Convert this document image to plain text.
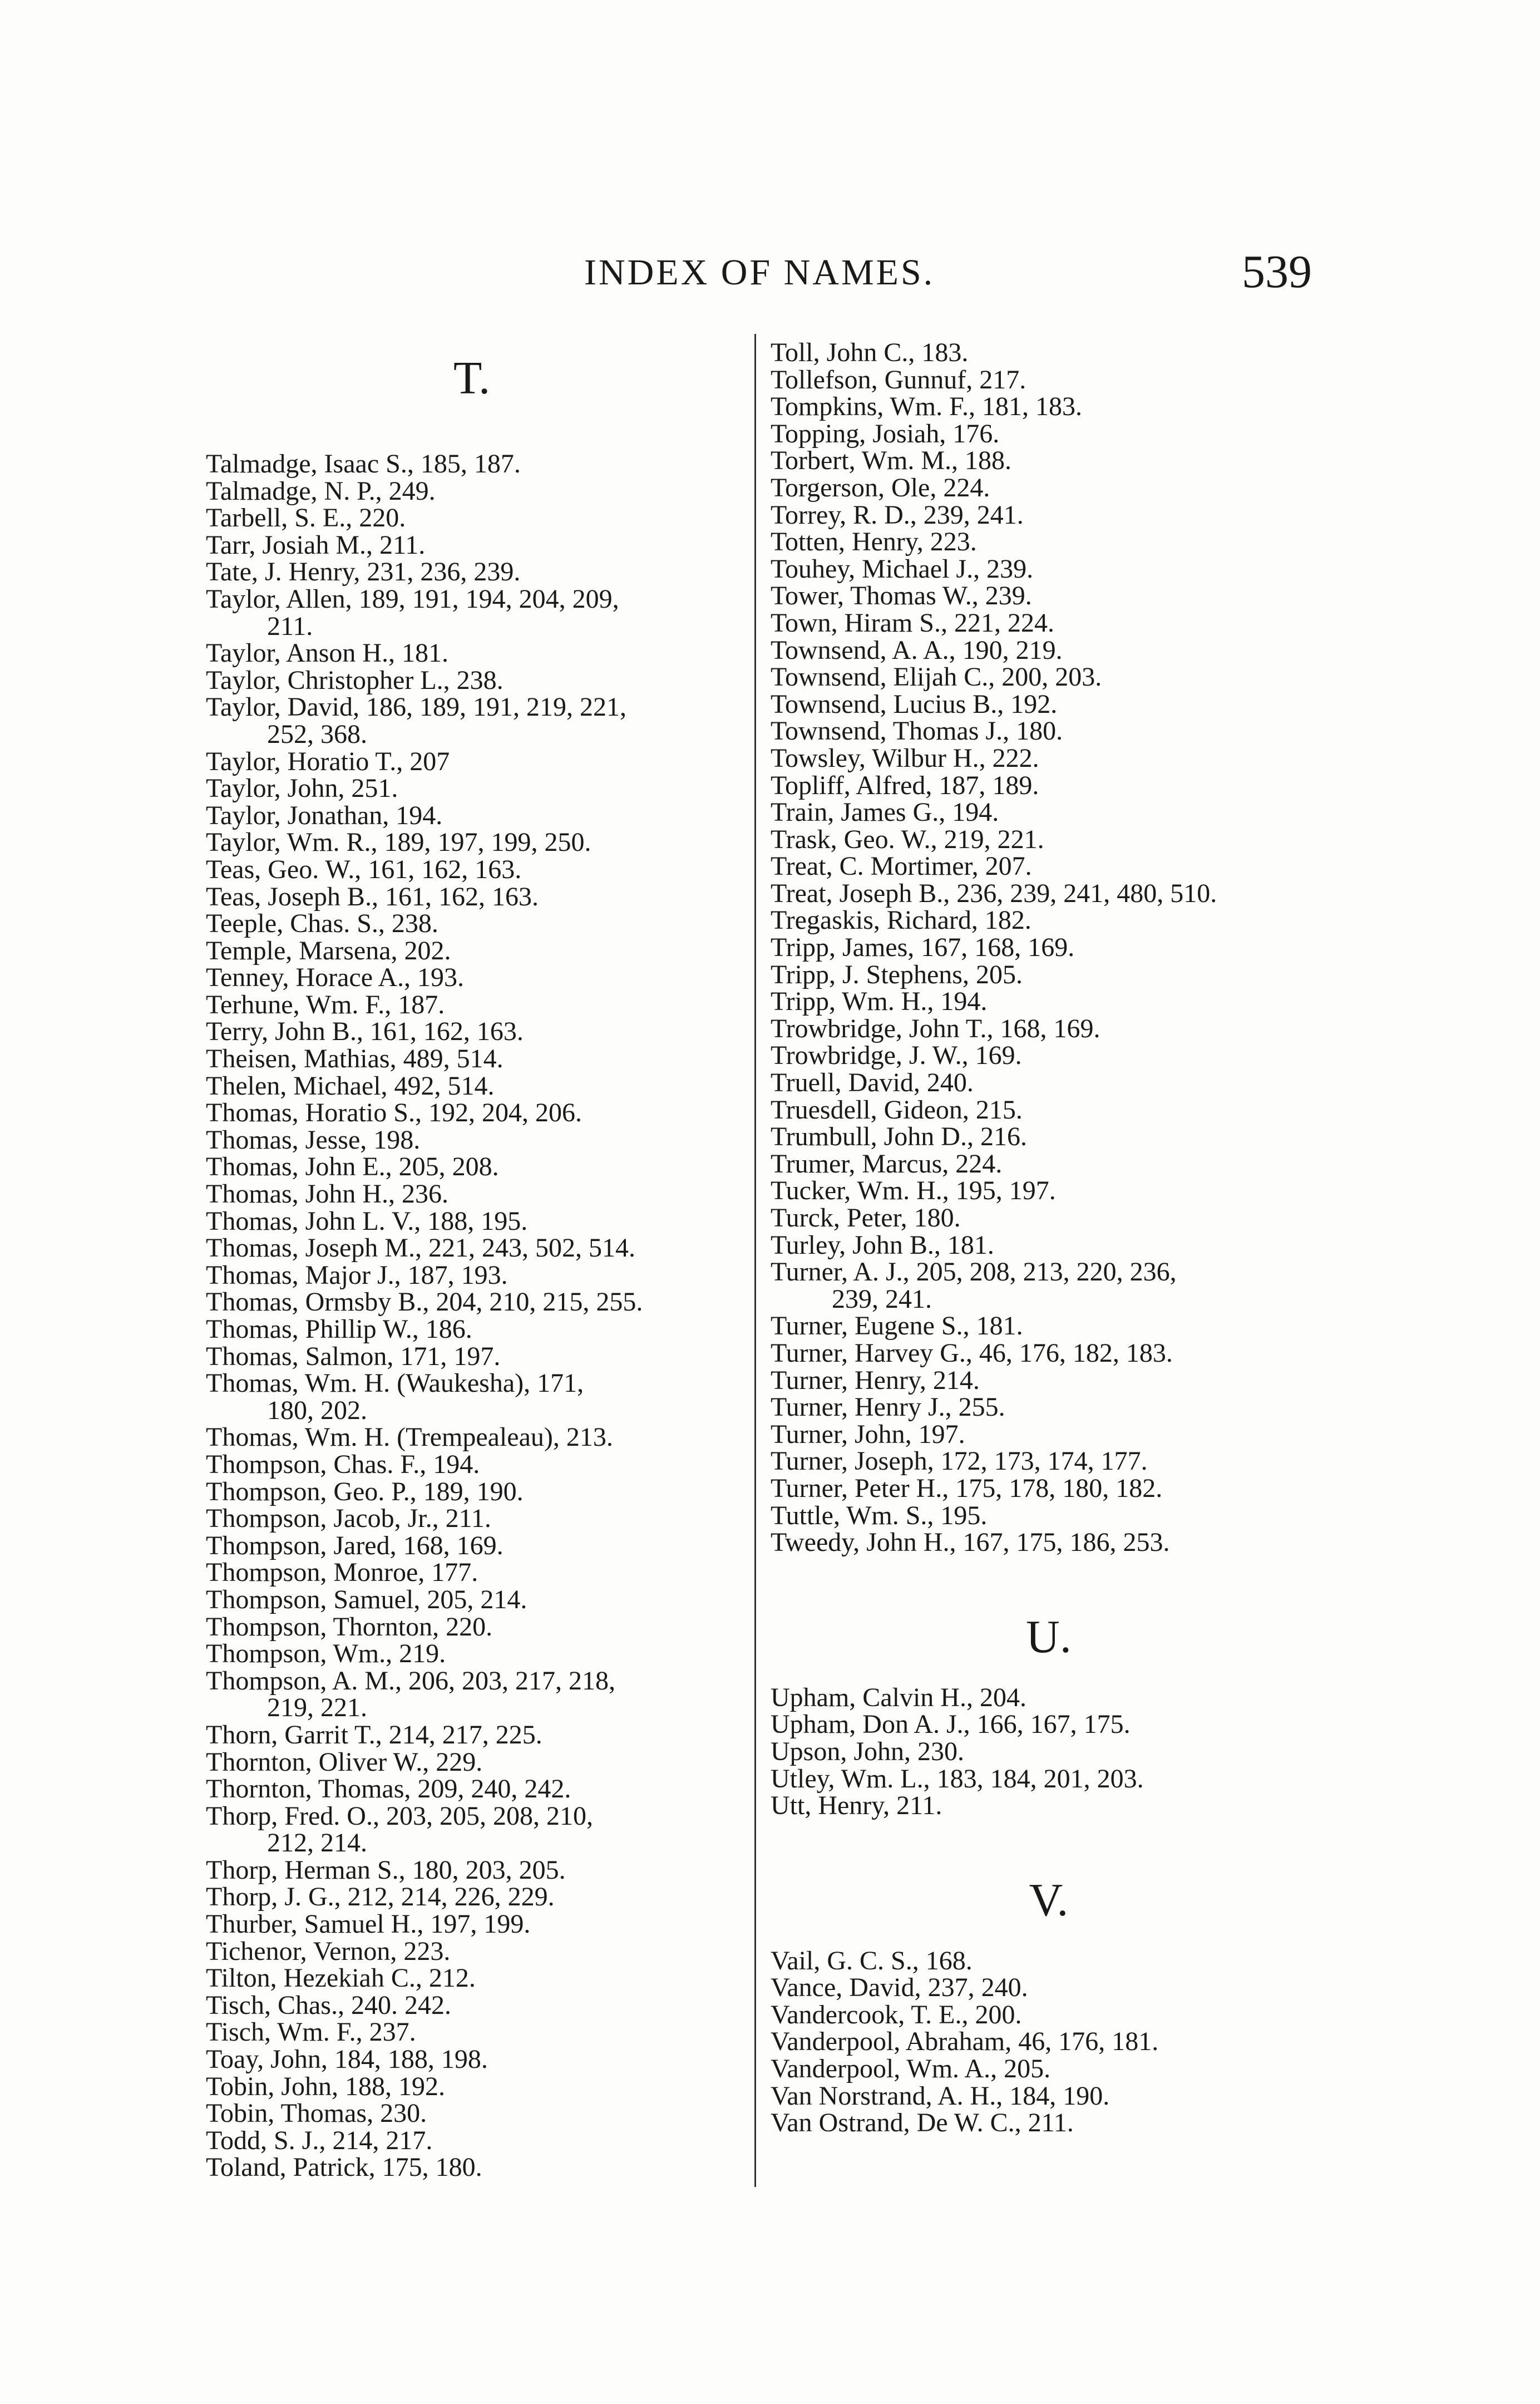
INDEX OF NAMES.	539
T.
Talmadge, Isaac S., 185, 187.
Talmadge, N. P., 249.
Tarbell, S. E., 220.
Tarr, Josiah M., 211.
Tate, J. Henry, 231, 236, 239.
Taylor, Allen, 189, 191, 194, 204, 209,
211.
Taylor, Anson H., 181.
Taylor, Christopher L., 238.
Taylor, David, 186, 189, 191, 219, 221,
252, 368.
Taylor, Horatio T., 207
Taylor, John, 251.
Taylor, Jonathan, 194.
Taylor, Wm. R., 189, 197, 199, 250.
Teas, Geo. W., 161, 162, 163.
Teas, Joseph B., 161, 162, 163.
Teeple, Chas. S., 238.
Temple, Marsena, 202.
Tenney, Horace A., 193.
Terhune, Wm. F., 187.
Terry, John B., 161, 162, 163.
Theisen, Mathias, 489, 514.
Thelen, Michael, 492, 514.
Thomas, Horatio S., 192, 204, 206.
Thomas, Jesse, 198.
Thomas, John E., 205, 208.
Thomas, John H., 236.
Thomas, John L. V., 188, 195.
Thomas, Joseph M., 221, 243, 502, 514.
Thomas, Major J., 187, 193.
Thomas, Ormsby B., 204, 210, 215, 255.
Thomas, Phillip W., 186.
Thomas, Salmon, 171, 197.
Thomas, Wm. H. (Waukesha), 171,
180, 202.
Thomas, Wm. H. (Trempealeau), 213.
Thompson, Chas. F., 194.
Thompson, Geo. P., 189, 190.
Thompson, Jacob, Jr., 211.
Thompson, Jared, 168, 169.
Thompson, Monroe, 177.
Thompson, Samuel, 205, 214.
Thompson, Thornton, 220.
Thompson, Wm., 219.
Thompson, A. M., 206, 203, 217, 218,
219, 221.
Thorn, Garrit T., 214, 217, 225.
Thornton, Oliver W., 229.
Thornton, Thomas, 209, 240, 242.
Thorp, Fred. O., 203, 205, 208, 210,
212, 214.
Thorp, Herman S., 180, 203, 205.
Thorp, J. G., 212, 214, 226, 229.
Thurber, Samuel H., 197, 199.
Tichenor, Vernon, 223.
Tilton, Hezekiah C., 212.
Tisch, Chas., 240. 242.
Tisch, Wm. F., 237.
Toay, John, 184, 188, 198.
Tobin, John, 188, 192.
Tobin, Thomas, 230.
Todd, S. J., 214, 217.
Toland, Patrick, 175, 180.
Toll, John C., 183.
Tollefson, Gunnuf, 217.
Tompkins, Wm. F., 181, 183.
Topping, Josiah, 176.
Torbert, Wm. M., 188.
Torgerson, Ole, 224.
Torrey, R. D., 239, 241.
Totten, Henry, 223.
Touhey, Michael J., 239.
Tower, Thomas W., 239.
Town, Hiram S., 221, 224.
Townsend, A. A., 190, 219.
Townsend, Elijah C., 200, 203.
Townsend, Lucius B., 192.
Townsend, Thomas J., 180.
Towsley, Wilbur H., 222.
Topliff, Alfred, 187, 189.
Train, James G., 194.
Trask, Geo. W., 219, 221.
Treat, C. Mortimer, 207.
Treat, Joseph B., 236, 239, 241, 480, 510.
Tregaskis, Richard, 182.
Tripp, James, 167, 168, 169.
Tripp, J. Stephens, 205.
Tripp, Wm. H., 194.
Trowbridge, John T., 168, 169.
Trowbridge, J. W., 169.
Truell, David, 240.
Truesdell, Gideon, 215.
Trumbull, John D., 216.
Trumer, Marcus, 224.
Tucker, Wm. H., 195, 197.
Turck, Peter, 180.
Turley, John B., 181.
Turner, A. J., 205, 208, 213, 220, 236,
239, 241.
Turner, Eugene S., 181.
Turner, Harvey G., 46, 176, 182, 183.
Turner, Henry, 214.
Turner, Henry J., 255.
Turner, John, 197.
Turner, Joseph, 172, 173, 174, 177.
Turner, Peter H., 175, 178, 180, 182.
Tuttle, Wm. S., 195.
Tweedy, John H., 167, 175, 186, 253.
U.
Upham, Calvin H., 204.
Upham, Don A. J., 166, 167, 175.
Upson, John, 230.
Utley, Wm. L., 183, 184, 201, 203.
Utt, Henry, 211.
V.
Vail, G. C. S., 168.
Vance, David, 237, 240.
Vandercook, T. E., 200.
Vanderpool, Abraham, 46, 176, 181.
Vanderpool, Wm. A., 205.
Van Norstrand, A. H., 184, 190.
Van Ostrand, De W. C., 211.
